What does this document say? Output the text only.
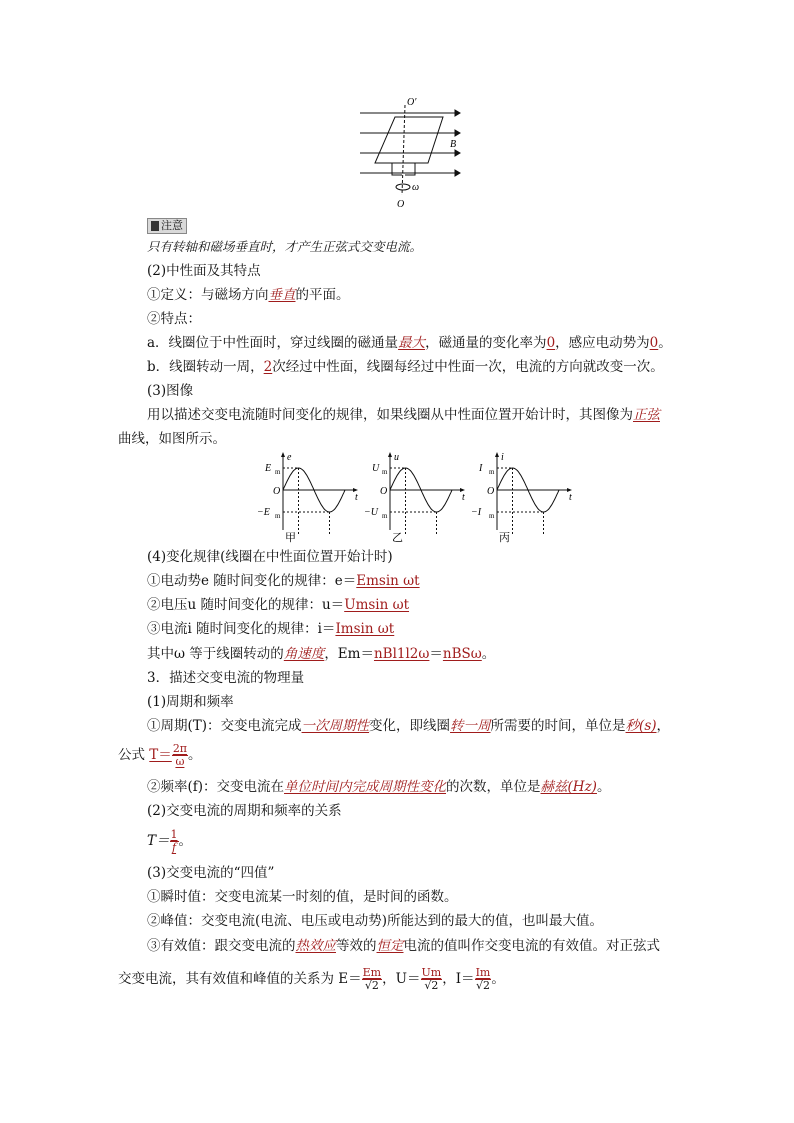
O′
B
ω
O
注意
只有转轴和磁场垂直时，才产生正弦式交变电流。
(2)中性面及其特点
①定义：与磁场方向垂直的平面。
②特点：
a．线圈位于中性面时，穿过线圈的磁通量最大，磁通量的变化率为0，感应电动势为0。
b．线圈转动一周，2次经过中性面，线圈每经过中性面一次，电流的方向就改变一次。
(3)图像
用以描述交变电流随时间变化的规律，如果线圈从中性面位置开始计时，其图像为正弦
曲线，如图所示。
e
E m
O
−E m
t
甲
u
U m
O
−U m
t
乙
i
I m
O
−I m
t
丙
(4)变化规律(线圈在中性面位置开始计时)
①电动势e 随时间变化的规律：e＝Emsin ωt
②电压u 随时间变化的规律：u＝Umsin ωt
③电流i 随时间变化的规律：i＝Imsin ωt
其中ω 等于线圈转动的角速度，Em＝nBl1l2ω＝nBSω。
3．描述交变电流的物理量
(1)周期和频率
①周期(T)：交变电流完成一次周期性变化，即线圈转一周所需要的时间，单位是秒(s)，
公式 $T= \frac{2\pi}{\omega}$ 。
②频率(f)：交变电流在单位时间内完成周期性变化的次数，单位是赫兹(Hz)。
(2)交变电流的周期和频率的关系
$T= \frac{1}{f}$ 。
(3)交变电流的“四值”
①瞬时值：交变电流某一时刻的值，是时间的函数。
②峰值：交变电流(电流、电压或电动势)所能达到的最大的值，也叫最大值。
③有效值：跟交变电流的热效应等效的恒定电流的值叫作交变电流的有效值。对正弦式
交变电流，其有效值和峰值的关系为 $E= \frac{Em}{√2}$ ，$U= \frac{Um}{√2}$ ，$I= \frac{Im}{√2}$ 。
